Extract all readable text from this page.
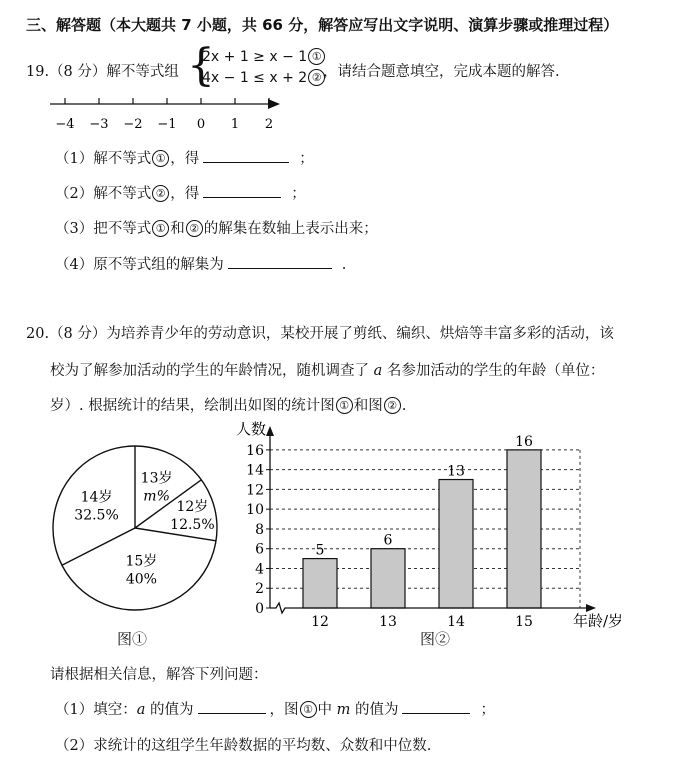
三、解答题（本大题共 7 小题，共 66 分，解答应写出文字说明、演算步骤或推理过程）
19.（8 分）解不等式组 {
2x + 1 ≥ x − 1 ①
4x − 1 ≤ x + 2 ② ，请结合题意填空，完成本题的解答.
−4 −3 −2 −1 0 1 2
（1）解不等式 ① ，得	；
（2）解不等式 ② ，得	；
（3）把不等式 ① 和 ② 的解集在数轴上表示出来；
（4）原不等式组的解集为	.
20.（8 分）为培养青少年的劳动意识，某校开展了剪纸、编织、烘焙等丰富多彩的活动，该
校为了解参加活动的学生的年龄情况，随机调查了 a 名参加活动的学生的年龄（单位：
岁）. 根据统计的结果，绘制出如图的统计图 ① 和图 ② .
13岁
m%
12岁
12.5%
15岁
40%
14岁
32.5%
图①
0
2
4
6
8
10
12
14
16
5
12
6
13
13
14
16
15
人数
年龄/岁
图②
请根据相关信息，解答下列问题：
（1）填空：a 的值为	，图 ① 中 m 的值为	；
（2）求统计的这组学生年龄数据的平均数、众数和中位数.
